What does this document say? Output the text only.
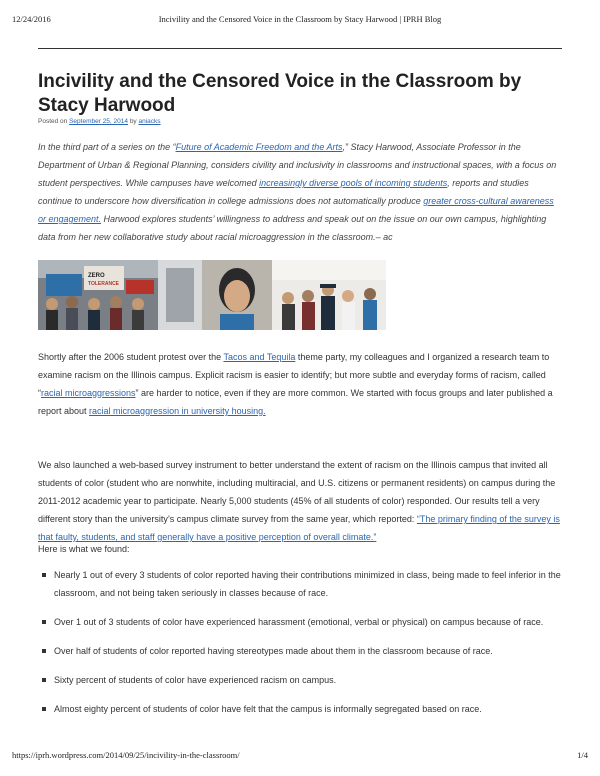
12/24/2016	Incivility and the Censored Voice in the Classroom by Stacy Harwood | IPRH Blog
Incivility and the Censored Voice in the Classroom by Stacy Harwood
Posted on September 25, 2014 by aniacks

In the third part of a series on the “Future of Academic Freedom and the Arts,” Stacy Harwood, Associate Professor in the Department of Urban & Regional Planning, considers civility and inclusivity in classrooms and instructional spaces, with a focus on student perspectives. While campuses have welcomed increasingly diverse pools of incoming students, reports and studies continue to underscore how diversification in college admissions does not automatically produce greater cross-cultural awareness or engagement. Harwood explores students’ willingness to address and speak out on the issue on our own campus, highlighting data from her new collaborative study about racial microaggression in the classroom.– ac

ZERO
TOLERANCE

Shortly after the 2006 student protest over the Tacos and Tequila theme party, my colleagues and I organized a research team to examine racism on the Illinois campus. Explicit racism is easier to identify; but more subtle and everyday forms of racism, called “racial microaggressions” are harder to notice, even if they are more common. We started with focus groups and later published a report about racial microaggression in university housing.

We also launched a web-based survey instrument to better understand the extent of racism on the Illinois campus that invited all students of color (student who are nonwhite, including multiracial, and U.S. citizens or permanent residents) on campus during the 2011-2012 academic year to participate. Nearly 5,000 students (45% of all students of color) responded. Our results tell a very different story than the university’s campus climate survey from the same year, which reported: “The primary finding of the survey is that faulty, students, and staff generally have a positive perception of overall climate.”

Here is what we found:

Nearly 1 out of every 3 students of color reported having their contributions minimized in class, being made to feel inferior in the classroom, and not being taken seriously in classes because of race.
Over 1 out of 3 students of color have experienced harassment (emotional, verbal or physical) on campus because of race.
Over half of students of color reported having stereotypes made about them in the classroom because of race.
Sixty percent of students of color have experienced racism on campus.
Almost eighty percent of students of color have felt that the campus is informally segregated based on race.
https://iprh.wordpress.com/2014/09/25/incivility-in-the-classroom/	1/4
